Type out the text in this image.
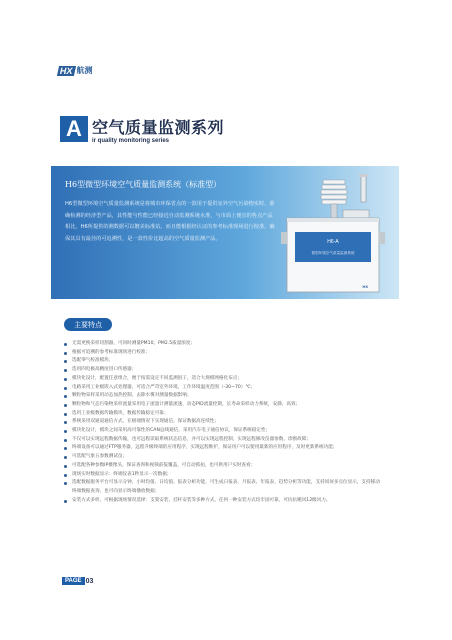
HX 航测
A 空气质量监测系列
ir quality monitoring series
H6型微型环境空气质量监测系统（标准型）
H6型微型环境空气质量监测系统是将城市环保省点的一款用于提供室外空气污染物实时、准确检测的经济型产品，其性能与性能已经接近自动监测系统水准，与市面上便宜的售点产品相比，H6所提供的测数据可以媲美标准站。而且能根据经认证的参考标准现场进行校准，确保其具有最佳的可追溯性，是一款性价比超高的空气质量监测产品。
H6-A
微型环境空气质量监测系统
HX
主要特点
无需更换采样切割器，可同时测量PM10、PM2.5质量浓度；
根据可追溯的参考标准现场进行校准；
选配零气校准模块；
选用四电极高精度进口传感器；
模块化设计，配置任意组合，便于按需设定不同监测因子，适合大规模网格化布点；
电路采用工业级嵌入式处理器，可适合严苛室外环境，工作环境温度范围（-30~70）℃；
颗粒物采样采用动态加热控制，去除水雾对测量数据影响；
颗粒物和气态污染物采样流量采用电子流量计测量流速，动态PID流量控制，长寿命采样动力系统，安静、高效；
选用工业级数据传输模块，数据传输稳定可靠；
系统采用双通道通信方式，在极端情况下实现通信，保证数据高连续性；
模块化设计，模块之间采用高可靠性的CAN总线通信，采用汽车电子通信协议，保证系统稳定性；
不仅可以实现远程数据传输，也可远程读取系统状态信息，并可以实现远程控制，实现远程修改仪器参数、诊断故障；
终端设备可以通过FTP服务器，远程升级终端的应用程序，实现远程维护，保证用户可以使用最新的应用程序，及时更新系统功能；
可选配气象五参数测试仪；
可选配各种参数IP摄像头，保证查询和视频前报覆盖，可自动抓拍，也可供用户实时查看；
现场实时数据显示：终端仪表1秒显示一次数据；
选配数据服务平台可显示分钟、小时均值、日均值、报表分析功能，可生成日报表、月报表、年报表、趋势分析等功能，支持同屏多点位显示，支持移动终端数据查询，也可向显示终端播放数据；
安装方式多样，可根据现场情况选择：支架安装、挂杆安装等多种方式，任何一种安装方式均牢固可靠，可抗抗飓风12级风力。
PAGE 03
